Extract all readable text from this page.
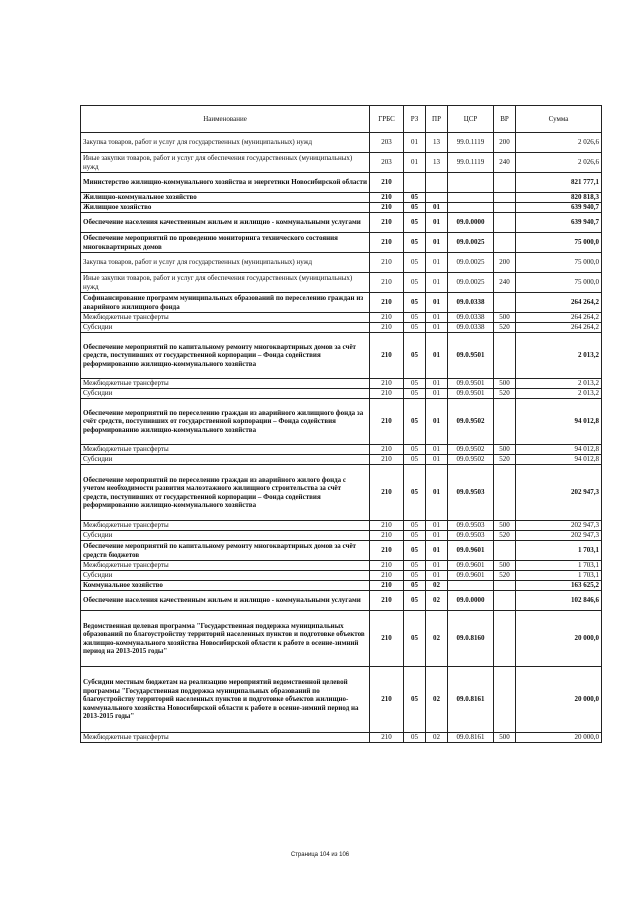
Наименование	ГРБС	РЗ	ПР	ЦСР	ВР	Сумма
Закупка товаров, работ и услуг для государственных (муниципальных) нужд	203	01	13	99.0.1119	200	2 026,6
Иные закупки товаров, работ и услуг для обеспечения государственных (муниципальных) нужд	203	01	13	99.0.1119	240	2 026,6
Министерство жилищно-коммунального хозяйства и энергетики Новосибирской области	210					821 777,1
Жилищно-коммунальное хозяйство	210	05				820 818,3
Жилищное хозяйство	210	05	01			639 940,7
Обеспечение населения качественным жильем и жилищно - коммунальными услугами	210	05	01	09.0.0000		639 940,7
Обеспечение мероприятий по проведению мониторинга технического состояния многоквартирных домов	210	05	01	09.0.0025		75 000,0
Закупка товаров, работ и услуг для государственных (муниципальных) нужд	210	05	01	09.0.0025	200	75 000,0
Иные закупки товаров, работ и услуг для обеспечения государственных (муниципальных) нужд	210	05	01	09.0.0025	240	75 000,0
Софинансирование программ муниципальных образований по переселению граждан из аварийного жилищного фонда	210	05	01	09.0.0338		264 264,2
Межбюджетные трансферты	210	05	01	09.0.0338	500	264 264,2
Субсидии	210	05	01	09.0.0338	520	264 264,2
Обеспечение мероприятий по капитальному ремонту многоквартирных домов за счёт средств, поступивших от государственной корпорации – Фонда содействия реформированию жилищно-коммунального хозяйства	210	05	01	09.0.9501		2 013,2
Межбюджетные трансферты	210	05	01	09.0.9501	500	2 013,2
Субсидии	210	05	01	09.0.9501	520	2 013,2
Обеспечение мероприятий по переселению граждан из аварийного жилищного фонда за счёт средств, поступивших от государственной корпорации – Фонда содействия реформированию жилищно-коммунального хозяйства	210	05	01	09.0.9502		94 012,8
Межбюджетные трансферты	210	05	01	09.0.9502	500	94 012,8
Субсидии	210	05	01	09.0.9502	520	94 012,8
Обеспечение мероприятий по переселению граждан из аварийного жилого фонда с учетом необходимости развития малоэтажного жилищного строительства за счёт средств, поступивших от государственной корпорации – Фонда содействия реформированию жилищно-коммунального хозяйства	210	05	01	09.0.9503		202 947,3
Межбюджетные трансферты	210	05	01	09.0.9503	500	202 947,3
Субсидии	210	05	01	09.0.9503	520	202 947,3
Обеспечение мероприятий по капитальному ремонту многоквартирных домов за счёт средств бюджетов	210	05	01	09.0.9601		1 703,1
Межбюджетные трансферты	210	05	01	09.0.9601	500	1 703,1
Субсидии	210	05	01	09.0.9601	520	1 703,1
Коммунальное хозяйство	210	05	02			163 625,2
Обеспечение населения качественным жильем и жилищно - коммунальными услугами	210	05	02	09.0.0000		102 846,6
Ведомственная целевая программа "Государственная поддержка муниципальных образований по благоустройству территорий населенных пунктов и подготовке объектов жилищно-коммунального хозяйства Новосибирской области к работе в осенне-зимний период на 2013-2015 годы"	210	05	02	09.0.8160		20 000,0
Субсидии местным бюджетам на реализацию мероприятий ведомственной целевой программы "Государственная поддержка муниципальных образований по благоустройству территорий населенных пунктов и подготовке объектов жилищно-коммунального хозяйства Новосибирской области к работе в осенне-зимний период на 2013-2015 годы"	210	05	02	09.0.8161		20 000,0
Межбюджетные трансферты	210	05	02	09.0.8161	500	20 000,0
Страница 104 из 106
